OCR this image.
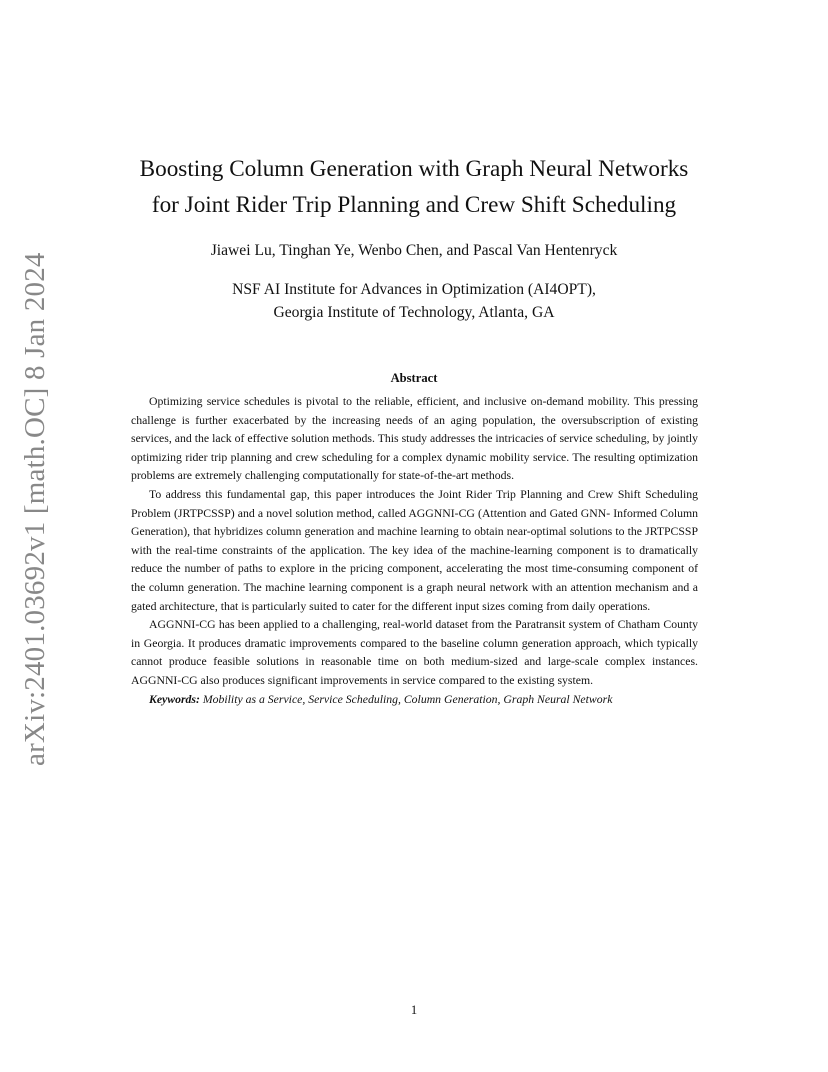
arXiv:2401.03692v1 [math.OC] 8 Jan 2024
Boosting Column Generation with Graph Neural Networks
for Joint Rider Trip Planning and Crew Shift Scheduling
Jiawei Lu, Tinghan Ye, Wenbo Chen, and Pascal Van Hentenryck
NSF AI Institute for Advances in Optimization (AI4OPT),
Georgia Institute of Technology, Atlanta, GA
Abstract

Optimizing service schedules is pivotal to the reliable, efficient, and inclusive on-demand mobility. This pressing challenge is further exacerbated by the increasing needs of an aging population, the oversubscription of existing services, and the lack of effective solution methods. This study addresses the intricacies of service scheduling, by jointly optimizing rider trip planning and crew scheduling for a complex dynamic mobility service. The resulting optimization problems are extremely challenging computationally for state-of-the-art methods.

To address this fundamental gap, this paper introduces the Joint Rider Trip Planning and Crew Shift Scheduling Problem (JRTPCSSP) and a novel solution method, called AGGNNI-CG (Attention and Gated GNN- Informed Column Generation), that hybridizes column generation and machine learning to obtain near-optimal solutions to the JRTPCSSP with the real-time constraints of the application. The key idea of the machine-learning component is to dramatically reduce the number of paths to explore in the pricing component, accelerating the most time-consuming component of the column generation. The machine learning component is a graph neural network with an attention mechanism and a gated architecture, that is particularly suited to cater for the different input sizes coming from daily operations.

AGGNNI-CG has been applied to a challenging, real-world dataset from the Paratransit system of Chatham County in Georgia. It produces dramatic improvements compared to the baseline column generation approach, which typically cannot produce feasible solutions in reasonable time on both medium-sized and large-scale complex instances. AGGNNI-CG also produces significant improvements in service compared to the existing system.

Keywords: Mobility as a Service, Service Scheduling, Column Generation, Graph Neural Network

1
